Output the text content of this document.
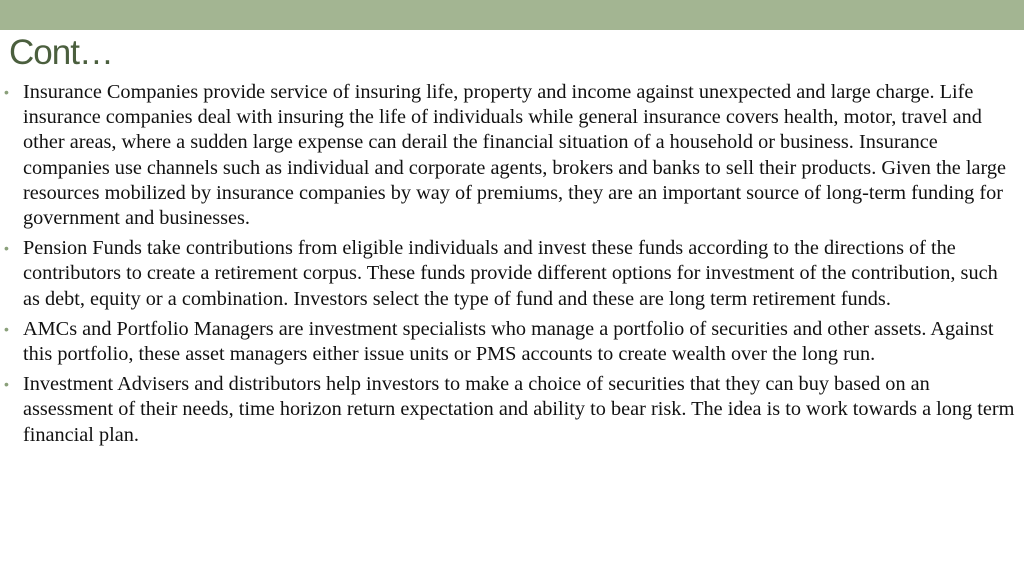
Cont…
• Insurance Companies provide service of insuring life, property and income against unexpected and large charge. Life insurance companies deal with insuring the life of individuals while general insurance covers health, motor, travel and other areas, where a sudden large expense can derail the financial situation of a household or business. Insurance companies use channels such as individual and corporate agents, brokers and banks to sell their products. Given the large resources mobilized by insurance companies by way of premiums, they are an important source of long-term funding for government and businesses.
• Pension Funds take contributions from eligible individuals and invest these funds according to the directions of the contributors to create a retirement corpus. These funds provide different options for investment of the contribution, such as debt, equity or a combination. Investors select the type of fund and these are long term retirement funds.
• AMCs and Portfolio Managers are investment specialists who manage a portfolio of securities and other assets. Against this portfolio, these asset managers either issue units or PMS accounts to create wealth over the long run.
• Investment Advisers and distributors help investors to make a choice of securities that they can buy based on an assessment of their needs, time horizon return expectation and ability to bear risk. The idea is to work towards a long term financial plan.
